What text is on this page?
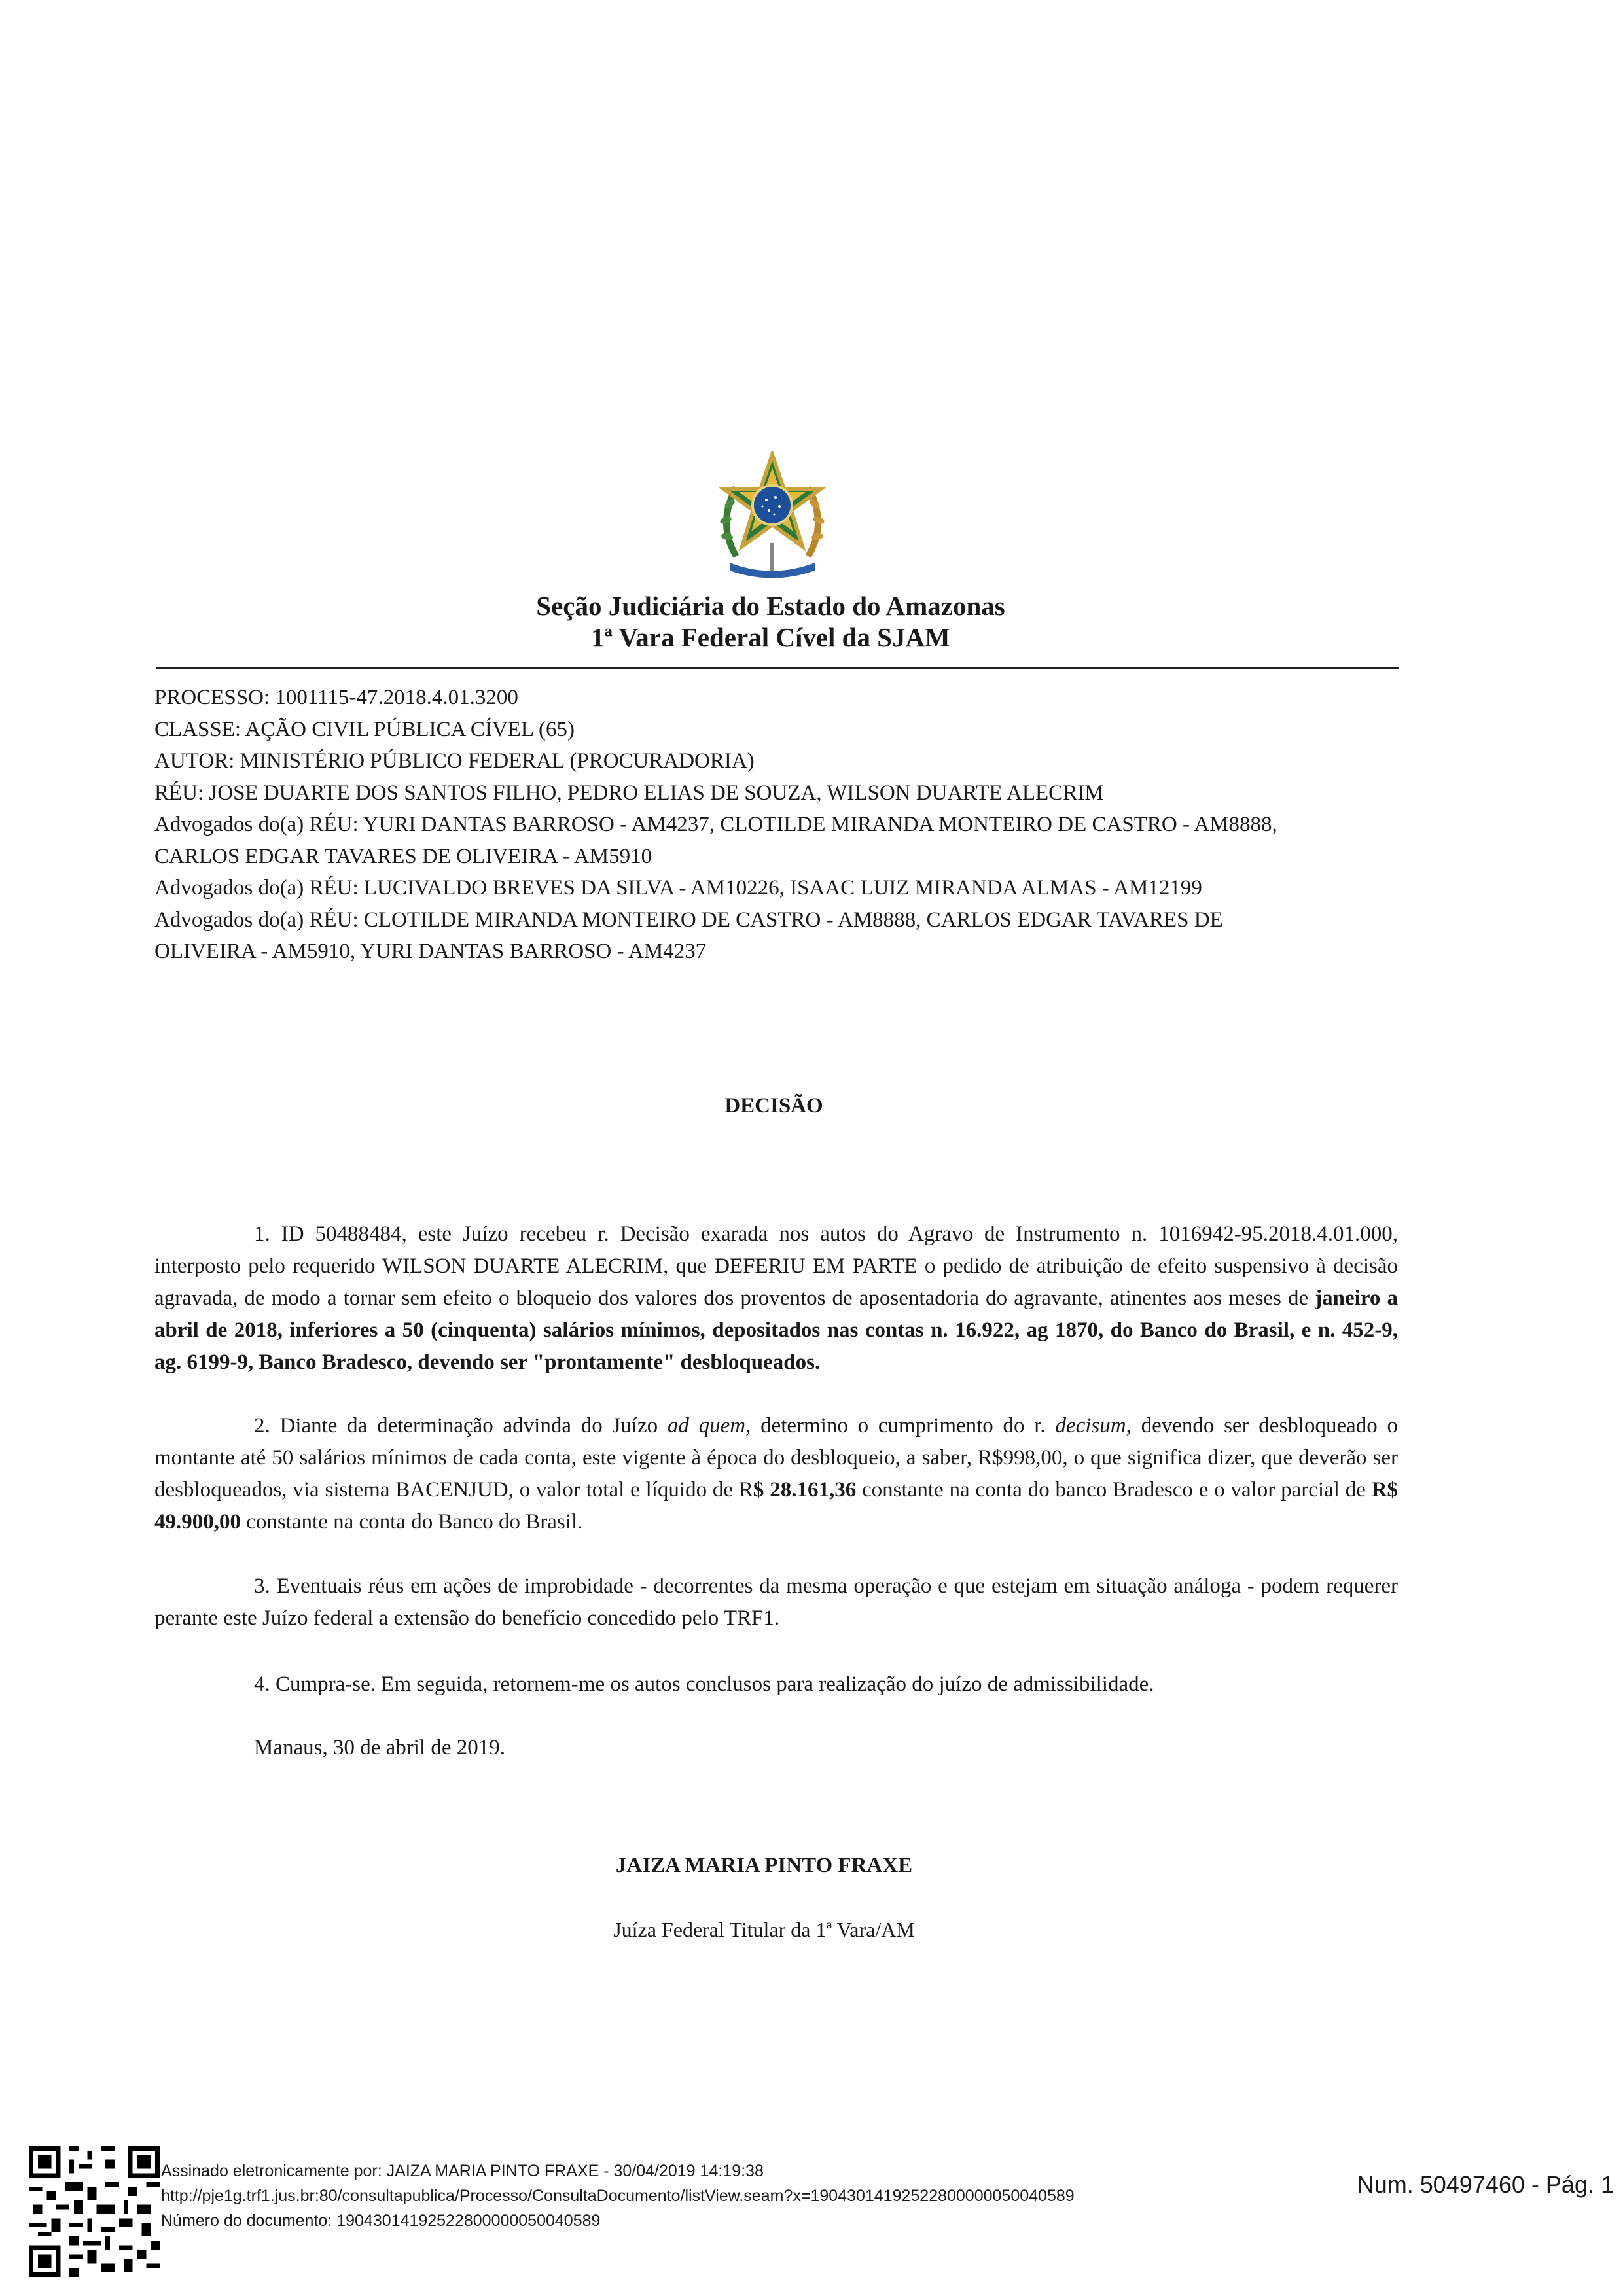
Seção Judiciária do Estado do Amazonas
1ª Vara Federal Cível da SJAM
PROCESSO: 1001115-47.2018.4.01.3200
CLASSE: AÇÃO CIVIL PÚBLICA CÍVEL (65)
AUTOR: MINISTÉRIO PÚBLICO FEDERAL (PROCURADORIA)
RÉU: JOSE DUARTE DOS SANTOS FILHO, PEDRO ELIAS DE SOUZA, WILSON DUARTE ALECRIM
Advogados do(a) RÉU: YURI DANTAS BARROSO - AM4237, CLOTILDE MIRANDA MONTEIRO DE CASTRO - AM8888,
CARLOS EDGAR TAVARES DE OLIVEIRA - AM5910
Advogados do(a) RÉU: LUCIVALDO BREVES DA SILVA - AM10226, ISAAC LUIZ MIRANDA ALMAS - AM12199
Advogados do(a) RÉU: CLOTILDE MIRANDA MONTEIRO DE CASTRO - AM8888, CARLOS EDGAR TAVARES DE
OLIVEIRA - AM5910, YURI DANTAS BARROSO - AM4237
DECISÃO
1. ID 50488484, este Juízo recebeu r. Decisão exarada nos autos do Agravo de Instrumento n. 1016942-95.2018.4.01.000, interposto pelo requerido WILSON DUARTE ALECRIM, que DEFERIU EM PARTE o pedido de atribuição de efeito suspensivo à decisão agravada, de modo a tornar sem efeito o bloqueio dos valores dos proventos de aposentadoria do agravante, atinentes aos meses de janeiro a abril de 2018, inferiores a 50 (cinquenta) salários mínimos, depositados nas contas n. 16.922, ag 1870, do Banco do Brasil, e n. 452-9, ag. 6199-9, Banco Bradesco, devendo ser "prontamente" desbloqueados.
2. Diante da determinação advinda do Juízo ad quem, determino o cumprimento do r. decisum, devendo ser desbloqueado o montante até 50 salários mínimos de cada conta, este vigente à época do desbloqueio, a saber, R$998,00, o que significa dizer, que deverão ser desbloqueados, via sistema BACENJUD, o valor total e líquido de R$ 28.161,36 constante na conta do banco Bradesco e o valor parcial de R$ 49.900,00 constante na conta do Banco do Brasil.
3. Eventuais réus em ações de improbidade - decorrentes da mesma operação e que estejam em situação análoga - podem requerer perante este Juízo federal a extensão do benefício concedido pelo TRF1.
4. Cumpra-se. Em seguida, retornem-me os autos conclusos para realização do juízo de admissibilidade.
Manaus, 30 de abril de 2019.
JAIZA MARIA PINTO FRAXE
Juíza Federal Titular da 1ª Vara/AM
Assinado eletronicamente por: JAIZA MARIA PINTO FRAXE - 30/04/2019 14:19:38
http://pje1g.trf1.jus.br:80/consultapublica/Processo/ConsultaDocumento/listView.seam?x=19043014192522800000050040589
Número do documento: 19043014192522800000050040589
Num. 50497460 - Pág. 1
